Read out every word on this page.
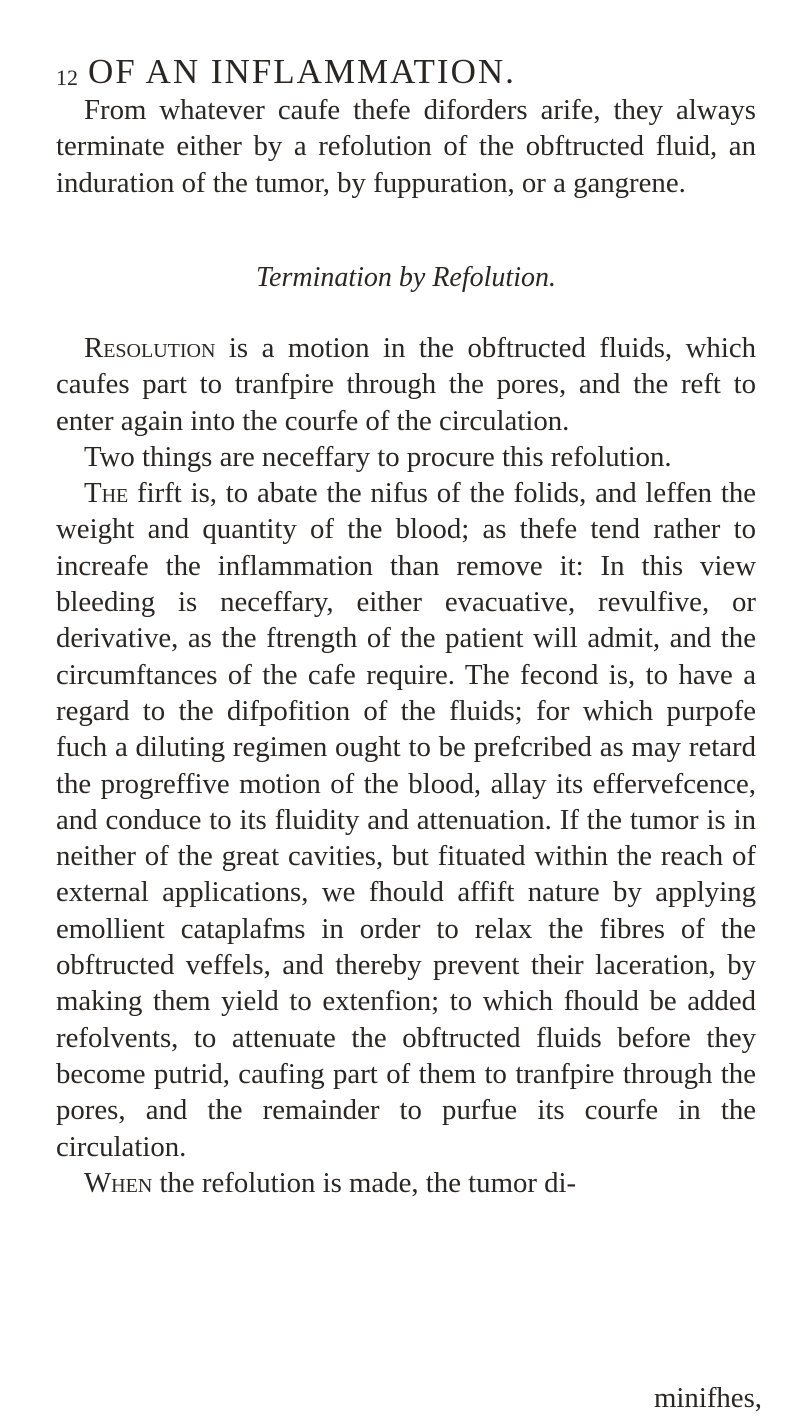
12 OF AN INFLAMMATION.
From whatever caufe thefe diforders arife, they always terminate either by a refolution of the obftructed fluid, an induration of the tumor, by fuppuration, or a gangrene.
Termination by Refolution.

Resolution is a motion in the obftructed fluids, which caufes part to tranfpire through the pores, and the reft to enter again into the courfe of the circulation.

Two things are neceffary to procure this refolution.

The firft is, to abate the nifus of the folids, and leffen the weight and quantity of the blood; as thefe tend rather to increafe the inflammation than remove it: In this view bleeding is neceffary, either evacuative, revulfive, or derivative, as the ftrength of the patient will admit, and the circumftances of the cafe require. The fecond is, to have a regard to the difpofition of the fluids; for which purpofe fuch a diluting regimen ought to be prefcribed as may retard the progreffive motion of the blood, allay its effervefcence, and conduce to its fluidity and attenuation. If the tumor is in neither of the great cavities, but fituated within the reach of external applications, we fhould affift nature by applying emollient cataplafms in order to relax the fibres of the obftructed veffels, and thereby prevent their laceration, by making them yield to extenfion; to which fhould be added refolvents, to attenuate the obftructed fluids before they become putrid, caufing part of them to tranfpire through the pores, and the remainder to purfue its courfe in the circulation.

When the refolution is made, the tumor di-

minifhes,
